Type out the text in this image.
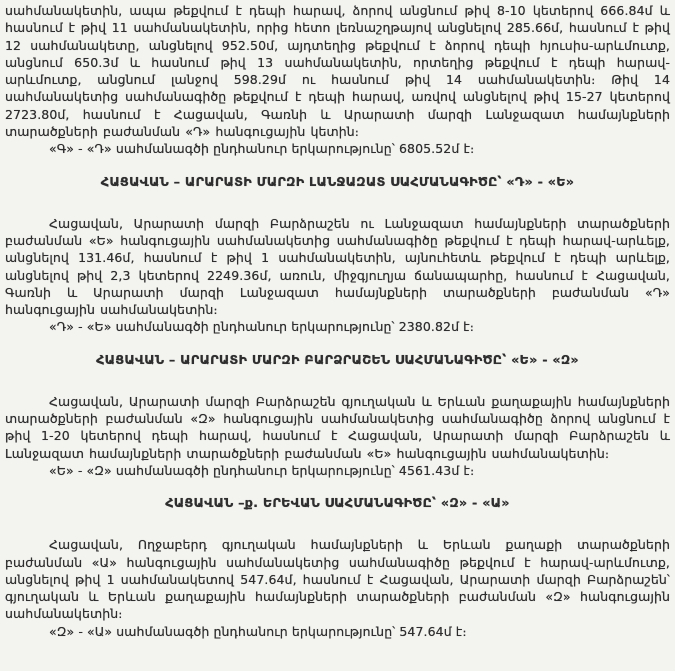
սահմանակետին, ապա թեքվում է դեպի հարավ, ձորով անցնում թիվ 8-10 կետերով 666.84մ և հասնում է թիվ 11 սահմանակետին, որից հետո լեռնաշղթայով անցնելով 285.66մ, հասնում է թիվ 12 սահմանակետը, անցնելով 952.50մ, այդտեղից թեքվում է ձորով դեպի հյուսիս-արևմուտք, անցնում 650.3մ և հասնում թիվ 13 սահմանակետին, որտեղից թեքվում է դեպի հարավ-արևմուտք, անցնում լանջով 598.29մ ու հասնում թիվ 14 սահմանակետին։ Թիվ 14 սահմանակետից սահմանագիծը թեքվում է դեպի հարավ, առվով անցնելով թիվ 15-27 կետերով 2723.80մ, հասնում է Հացավան, Գառնի և Արարատի մարզի Լանջազատ համայնքների տարածքների բաժանման «Դ» հանգուցային կետին։

«Գ» - «Դ» սահմանագծի ընդհանուր երկարությունը՝ 6805.52մ է։

ՀԱՑԱՎԱՆ – ԱՐԱՐԱՏԻ ՄԱՐԶԻ ԼԱՆՋԱԶԱՏ ՍԱՀՄԱՆԱԳԻԾԸ՝ «Դ» - «Ե»

Հացավան, Արարատի մարզի Բարձրաշեն ու Լանջազատ համայնքների տարածքների բաժանման «Ե» հանգուցային սահմանակետից սահմանագիծը թեքվում է դեպի հարավ-արևելք, անցնելով 131.46մ, հասնում է թիվ 1 սահմանակետին, այնուհետև թեքվում է դեպի արևելք, անցնելով թիվ 2,3 կետերով 2249.36մ, առուն, միջգյուղյա ճանապարհը, հասնում է Հացավան, Գառնի և Արարատի մարզի Լանջազատ համայնքների տարածքների բաժանման «Դ» հանգուցային սահմանակետին։

«Դ» - «Ե» սահմանագծի ընդհանուր երկարությունը՝ 2380.82մ է։

ՀԱՑԱՎԱՆ – ԱՐԱՐԱՏԻ ՄԱՐԶԻ ԲԱՐՁՐԱՇԵՆ ՍԱՀՄԱՆԱԳԻԾԸ՝ «Ե» - «Զ»

Հացավան, Արարատի մարզի Բարձրաշեն գյուղական և Երևան քաղաքային համայնքների տարածքների բաժանման «Զ» հանգուցային սահմանակետից սահմանագիծը ձորով անցնում է թիվ 1-20 կետերով դեպի հարավ, հասնում է Հացավան, Արարատի մարզի Բարձրաշեն և Լանջազատ համայնքների տարածքների բաժանման «Ե» հանգուցային սահմանակետին։

«Ե» - «Զ» սահմանագծի ընդհանուր երկարությունը՝ 4561.43մ է։

ՀԱՑԱՎԱՆ –ք. ԵՐԵՎԱՆ ՍԱՀՄԱՆԱԳԻԾԸ՝ «Զ» - «Ա»

Հացավան, Ողջաբերդ գյուղական համայնքների և Երևան քաղաքի տարածքների բաժանման «Ա» հանգուցային սահմանակետից սահմանագիծը թեքվում է հարավ-արևմուտք, անցնելով թիվ 1 սահմանակետով 547.64մ, հասնում է Հացավան, Արարատի մարզի Բարձրաշեն՝ գյուղական և Երևան քաղաքային համայնքների տարածքների բաժանման «Զ» հանգուցային սահմանակետին։

«Զ» - «Ա» սահմանագծի ընդհանուր երկարությունը՝ 547.64մ է։
